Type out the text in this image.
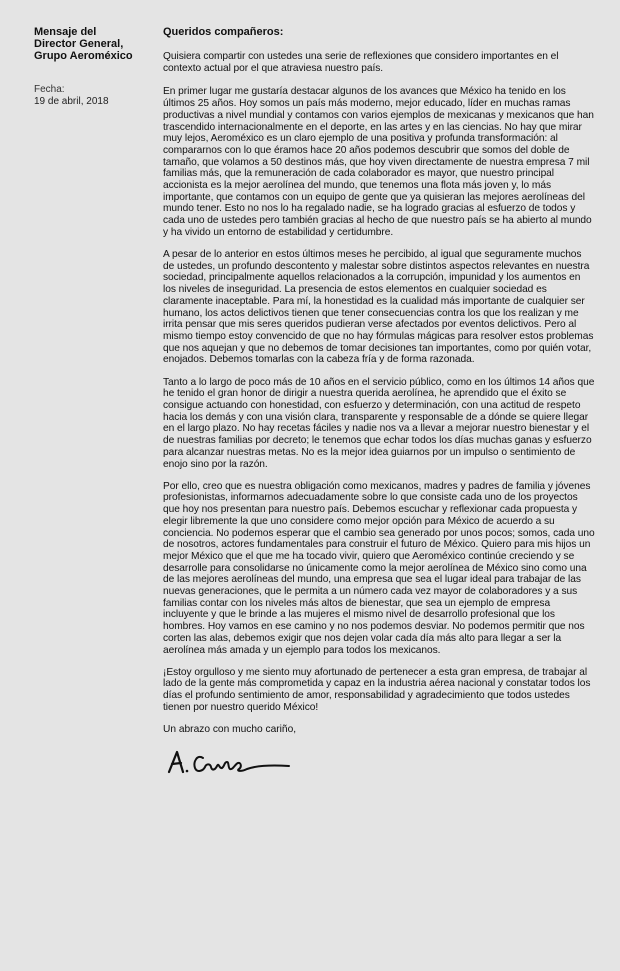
Mensaje del
Director General,
Grupo Aeroméxico

Fecha:
19 de abril, 2018

Queridos compañeros:

Quisiera compartir con ustedes una serie de reflexiones que considero importantes en el contexto actual por el que atraviesa nuestro país.

En primer lugar me gustaría destacar algunos de los avances que México ha tenido en los últimos 25 años. Hoy somos un país más moderno, mejor educado, líder en muchas ramas productivas a nivel mundial y contamos con varios ejemplos de mexicanas y mexicanos que han trascendido internacionalmente en el deporte, en las artes y en las ciencias. No hay que mirar muy lejos, Aeroméxico es un claro ejemplo de una positiva y profunda transformación: al compararnos con lo que éramos hace 20 años podemos descubrir que somos del doble de tamaño, que volamos a 50 destinos más, que hoy viven directamente de nuestra empresa 7 mil familias más, que la remuneración de cada colaborador es mayor, que nuestro principal accionista es la mejor aerolínea del mundo, que tenemos una flota más joven y, lo más importante, que contamos con un equipo de gente que ya quisieran las mejores aerolíneas del mundo tener. Esto no nos lo ha regalado nadie, se ha logrado gracias al esfuerzo de todos y cada uno de ustedes pero también gracias al hecho de que nuestro país se ha abierto al mundo y ha vivido un entorno de estabilidad y certidumbre.

A pesar de lo anterior en estos últimos meses he percibido, al igual que seguramente muchos de ustedes, un profundo descontento y malestar sobre distintos aspectos relevantes en nuestra sociedad, principalmente aquellos relacionados a la corrupción, impunidad y los aumentos en los niveles de inseguridad. La presencia de estos elementos en cualquier sociedad es claramente inaceptable. Para mí, la honestidad es la cualidad más importante de cualquier ser humano, los actos delictivos tienen que tener consecuencias contra los que los realizan y me irrita pensar que mis seres queridos pudieran verse afectados por eventos delictivos. Pero al mismo tiempo estoy convencido de que no hay fórmulas mágicas para resolver estos problemas que nos aquejan y que no debemos de tomar decisiones tan importantes, como por quién votar, enojados. Debemos tomarlas con la cabeza fría y de forma razonada.

Tanto a lo largo de poco más de 10 años en el servicio público, como en los últimos 14 años que he tenido el gran honor de dirigir a nuestra querida aerolínea, he aprendido que el éxito se consigue actuando con honestidad, con esfuerzo y determinación, con una actitud de respeto hacia los demás y con una visión clara, transparente y responsable de a dónde se quiere llegar en el largo plazo. No hay recetas fáciles y nadie nos va a llevar a mejorar nuestro bienestar y el de nuestras familias por decreto; le tenemos que echar todos los días muchas ganas y esfuerzo para alcanzar nuestras metas. No es la mejor idea guiarnos por un impulso o sentimiento de enojo sino por la razón.

Por ello, creo que es nuestra obligación como mexicanos, madres y padres de familia y jóvenes profesionistas, informarnos adecuadamente sobre lo que consiste cada uno de los proyectos que hoy nos presentan para nuestro país. Debemos escuchar y reflexionar cada propuesta y elegir libremente la que uno considere como mejor opción para México de acuerdo a su conciencia. No podemos esperar que el cambio sea generado por unos pocos; somos, cada uno de nosotros, actores fundamentales para construir el futuro de México. Quiero para mis hijos un mejor México que el que me ha tocado vivir, quiero que Aeroméxico continúe creciendo y se desarrolle para consolidarse no únicamente como la mejor aerolínea de México sino como una de las mejores aerolíneas del mundo, una empresa que sea el lugar ideal para trabajar de las nuevas generaciones, que le permita a un número cada vez mayor de colaboradores y a sus familias contar con los niveles más altos de bienestar, que sea un ejemplo de empresa incluyente y que le brinde a las mujeres el mismo nivel de desarrollo profesional que los hombres. Hoy vamos en ese camino y no nos podemos desviar. No podemos permitir que nos corten las alas, debemos exigir que nos dejen volar cada día más alto para llegar a ser la aerolínea más amada y un ejemplo para todos los mexicanos.

¡Estoy orgulloso y me siento muy afortunado de pertenecer a esta gran empresa, de trabajar al lado de la gente más comprometida y capaz en la industria aérea nacional y constatar todos los días el profundo sentimiento de amor, responsabilidad y agradecimiento que todos ustedes tienen por nuestro querido México!

Un abrazo con mucho cariño,
